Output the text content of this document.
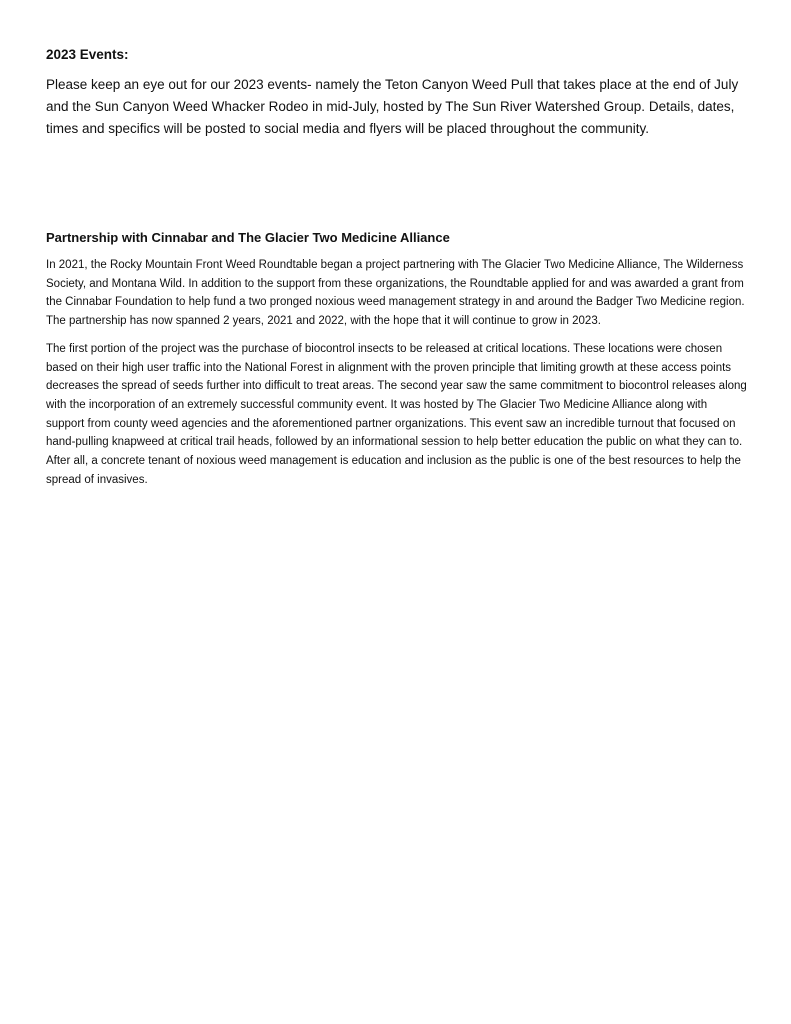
2023 Events:

Please keep an eye out for our 2023 events- namely the Teton Canyon Weed Pull that takes place at the end of July and the Sun Canyon Weed Whacker Rodeo in mid-July, hosted by The Sun River Watershed Group. Details, dates, times and specifics will be posted to social media and flyers will be placed throughout the community.

Partnership with Cinnabar and The Glacier Two Medicine Alliance

In 2021, the Rocky Mountain Front Weed Roundtable began a project partnering with The Glacier Two Medicine Alliance, The Wilderness Society, and Montana Wild. In addition to the support from these organizations, the Roundtable applied for and was awarded a grant from the Cinnabar Foundation to help fund a two pronged noxious weed management strategy in and around the Badger Two Medicine region. The partnership has now spanned 2 years, 2021 and 2022, with the hope that it will continue to grow in 2023.

The first portion of the project was the purchase of biocontrol insects to be released at critical locations. These locations were chosen based on their high user traffic into the National Forest in alignment with the proven principle that limiting growth at these access points decreases the spread of seeds further into difficult to treat areas. The second year saw the same commitment to biocontrol releases along with the incorporation of an extremely successful community event. It was hosted by The Glacier Two Medicine Alliance along with support from county weed agencies and the aforementioned partner organizations. This event saw an incredible turnout that focused on hand-pulling knapweed at critical trail heads, followed by an informational session to help better education the public on what they can to. After all, a concrete tenant of noxious weed management is education and inclusion as the public is one of the best resources to help the spread of invasives.
